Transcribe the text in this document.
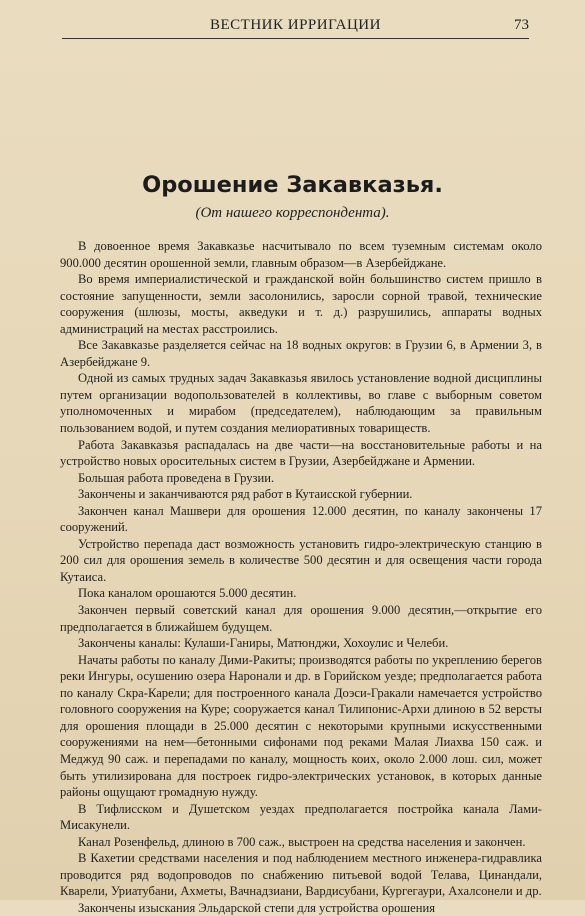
ВЕСТНИК ИРРИГАЦИИ	73
Орошение Закавказья.
(От нашего корреспондента).

В довоенное время Закавказье насчитывало по всем туземным системам около 900.000 десятин орошенной земли, главным образом—в Азербейджане.

Во время империалистической и гражданской войн большинство систем пришло в состояние запущенности, земли засолонились, заросли сорной травой, технические сооружения (шлюзы, мосты, акведуки и т. д.) разрушились, аппараты водных администраций на местах расстроились.

Все Закавказье разделяется сейчас на 18 водных округов: в Грузии 6, в Армении 3, в Азербейджане 9.

Одной из самых трудных задач Закавказья явилось установление водной дисциплины путем организации водопользователей в коллективы, во главе с выборным советом уполномоченных и мирабом (председателем), наблюдающим за правильным пользованием водой, и путем создания мелиоративных товариществ.

Работа Закавказья распадалась на две части—на восстановительные работы и на устройство новых оросительных систем в Грузии, Азербейджане и Армении.

Большая работа проведена в Грузии.

Закончены и заканчиваются ряд работ в Кутаисской губернии.

Закончен канал Машвери для орошения 12.000 десятин, по каналу закончены 17 сооружений.

Устройство перепада даст возможность установить гидро-электрическую станцию в 200 сил для орошения земель в количестве 500 десятин и для освещения части города Кутаиса.

Пока каналом орошаются 5.000 десятин.

Закончен первый советский канал для орошения 9.000 десятин,—открытие его предполагается в ближайшем будущем.

Закончены каналы: Кулаши-Ганиры, Матюнджи, Хохоулис и Челеби.

Начаты работы по каналу Дими-Ракиты; производятся работы по укреплению берегов реки Ингуры, осушению озера Наронали и др. в Горийском уезде; предполагается работа по каналу Скра-Карели; для построенного канала Доэси-Гракали намечается устройство головного сооружения на Куре; сооружается канал Тилипонис-Архи длиною в 52 версты для орошения площади в 25.000 десятин с некоторыми крупными искусственными сооружениями на нем—бетонными сифонами под реками Малая Лиахва 150 саж. и Меджуд 90 саж. и перепадами по каналу, мощность коих, около 2.000 лош. сил, может быть утилизирована для построек гидро-электрических установок, в которых данные районы ощущают громадную нужду.

В Тифлисском и Душетском уездах предполагается постройка канала Лами-Мисакунели.

Канал Розенфельд, длиною в 700 саж., выстроен на средства населения и закончен.

В Кахетии средствами населения и под наблюдением местного инженера-гидравлика проводится ряд водопроводов по снабжению питьевой водой Телава, Цинандали, Кварели, Уриатубани, Ахметы, Вачнадзиани, Вардисубани, Кургегаури, Ахалсонели и др.

Закончены изыскания Эльдарской степи для устройства орошения
